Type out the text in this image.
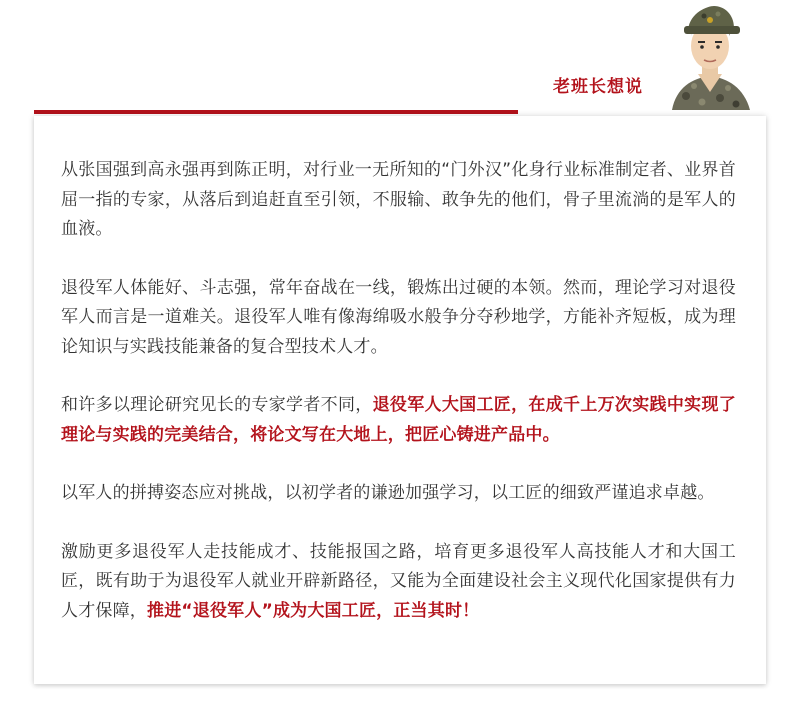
老班长想说

从张国强到高永强再到陈正明，对行业一无所知的“门外汉”化身行业标准制定者、业界首屈一指的专家，从落后到追赶直至引领，不服输、敢争先的他们，骨子里流淌的是军人的血液。

退役军人体能好、斗志强，常年奋战在一线，锻炼出过硬的本领。然而，理论学习对退役军人而言是一道难关。退役军人唯有像海绵吸水般争分夺秒地学，方能补齐短板，成为理论知识与实践技能兼备的复合型技术人才。

和许多以理论研究见长的专家学者不同，退役军人大国工匠，在成千上万次实践中实现了理论与实践的完美结合，将论文写在大地上，把匠心铸进产品中。

以军人的拼搏姿态应对挑战，以初学者的谦逊加强学习，以工匠的细致严谨追求卓越。

激励更多退役军人走技能成才、技能报国之路，培育更多退役军人高技能人才和大国工匠，既有助于为退役军人就业开辟新路径，又能为全面建设社会主义现代化国家提供有力人才保障，推进“退役军人”成为大国工匠，正当其时！
